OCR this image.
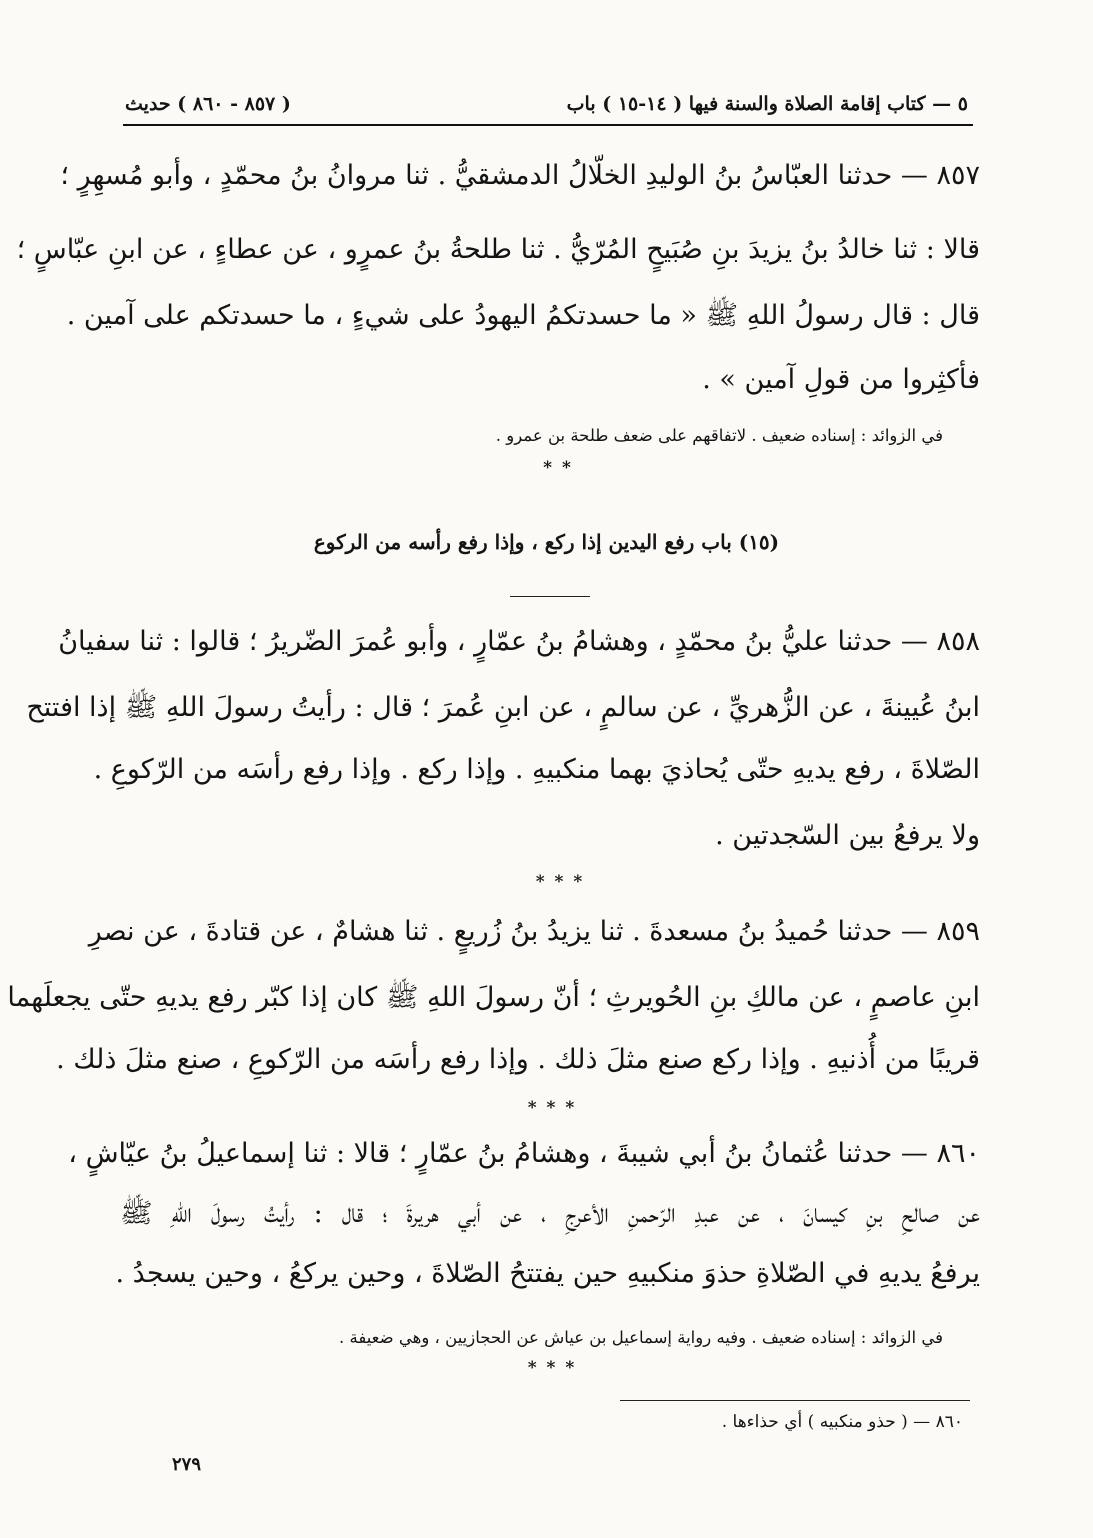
٥ — كتاب إقامة الصلاة والسنة فيها ( ١٤-١٥ ) باب
( ٨٥٧ - ٨٦٠ ) حديث
٨٥٧ — حدثنا العبّاسُ بنُ الوليدِ الخلّالُ الدمشقيُّ . ثنا مروانُ بنُ محمّدٍ ، وأبو مُسهِرٍ ؛
قالا : ثنا خالدُ بنُ يزيدَ بنِ صُبَيحٍ المُرّيُّ . ثنا طلحةُ بنُ عمرٍو ، عن عطاءٍ ، عن ابنِ عبّاسٍ ؛
قال : قال رسولُ اللهِ ﷺ « ما حسدتكمُ اليهودُ على شيءٍ ، ما حسدتكم على آمين .
فأكثِروا من قولِ آمين » .
في الزوائد : إسناده ضعيف . لاتفاقهم على ضعف طلحة بن عمرو .
* *
(١٥) باب رفع اليدين إذا ركع ، وإذا رفع رأسه من الركوع
٨٥٨ — حدثنا عليُّ بنُ محمّدٍ ، وهشامُ بنُ عمّارٍ ، وأبو عُمرَ الضّريرُ ؛ قالوا : ثنا سفيانُ
ابنُ عُيينةَ ، عن الزُّهريِّ ، عن سالمٍ ، عن ابنِ عُمرَ ؛ قال : رأيتُ رسولَ اللهِ ﷺ إذا افتتح
الصّلاةَ ، رفع يديهِ حتّى يُحاذيَ بهما منكبيهِ . وإذا ركع . وإذا رفع رأسَه من الرّكوعِ .
ولا يرفعُ بين السّجدتين .
* * *
٨٥٩ — حدثنا حُميدُ بنُ مسعدةَ . ثنا يزيدُ بنُ زُريعٍ . ثنا هشامٌ ، عن قتادةَ ، عن نصرِ
ابنِ عاصمٍ ، عن مالكِ بنِ الحُويرثِ ؛ أنّ رسولَ اللهِ ﷺ كان إذا كبّر رفع يديهِ حتّى يجعلَهما
قريبًا من أُذنيهِ . وإذا ركع صنع مثلَ ذلك . وإذا رفع رأسَه من الرّكوعِ ، صنع مثلَ ذلك .
* * *
٨٦٠ — حدثنا عُثمانُ بنُ أبي شيبةَ ، وهشامُ بنُ عمّارٍ ؛ قالا : ثنا إسماعيلُ بنُ عيّاشٍ ،
عن صالحِ بنِ كيسانَ ، عن عبدِ الرّحمنِ الأعرجِ ، عن أبي هريرةَ ؛ قال : رأيتُ رسولَ اللهِ ﷺ
يرفعُ يديهِ في الصّلاةِ حذوَ منكبيهِ حين يفتتحُ الصّلاةَ ، وحين يركعُ ، وحين يسجدُ .
في الزوائد : إسناده ضعيف . وفيه رواية إسماعيل بن عياش عن الحجازيين ، وهي ضعيفة .
* * *
٨٦٠ — ( حذو منكبيه ) أي حذاءها .
٢٧٩
